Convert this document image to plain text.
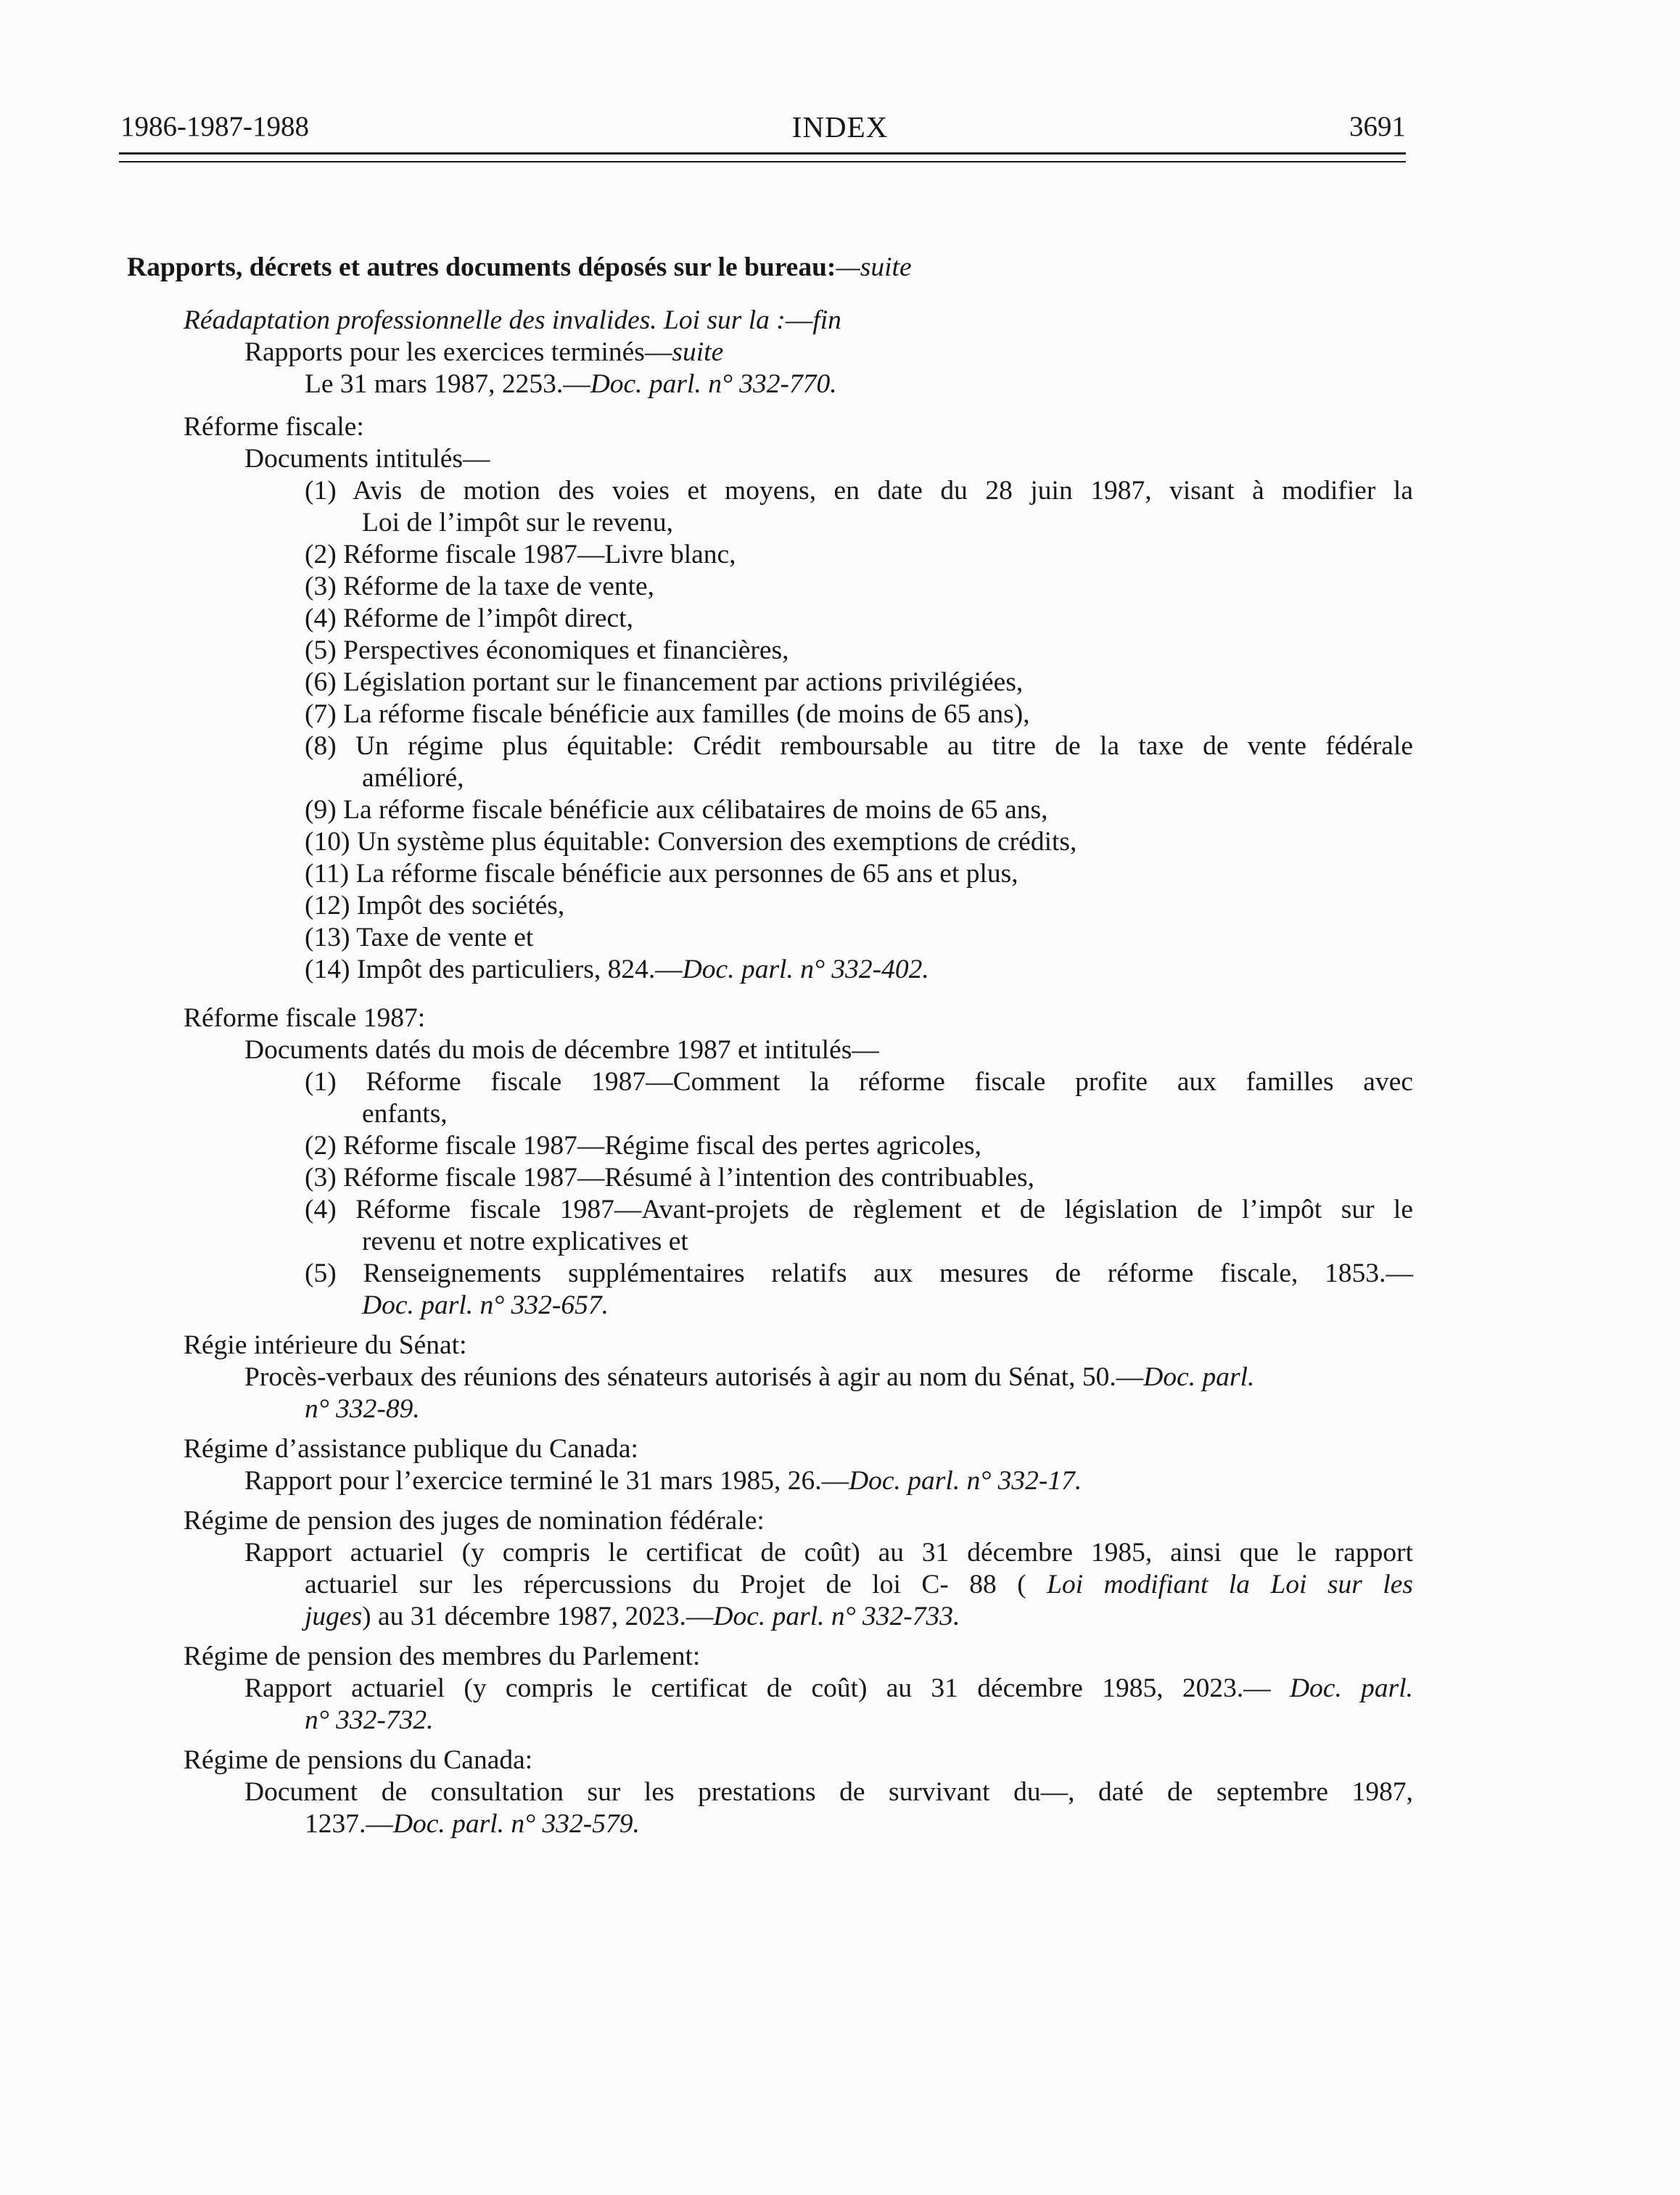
1986-1987-1988	INDEX	3691
Rapports, décrets et autres documents déposés sur le bureau:—suite
Réadaptation professionnelle des invalides. Loi sur la :—fin
Rapports pour les exercices terminés—suite
Le 31 mars 1987, 2253.—Doc. parl. n° 332-770.
Réforme fiscale:
Documents intitulés—
(1) Avis de motion des voies et moyens, en date du 28 juin 1987, visant à modifier la
Loi de l’impôt sur le revenu,
(2) Réforme fiscale 1987—Livre blanc,
(3) Réforme de la taxe de vente,
(4) Réforme de l’impôt direct,
(5) Perspectives économiques et financières,
(6) Législation portant sur le financement par actions privilégiées,
(7) La réforme fiscale bénéficie aux familles (de moins de 65 ans),
(8) Un régime plus équitable: Crédit remboursable au titre de la taxe de vente fédérale
amélioré,
(9) La réforme fiscale bénéficie aux célibataires de moins de 65 ans,
(10) Un système plus équitable: Conversion des exemptions de crédits,
(11) La réforme fiscale bénéficie aux personnes de 65 ans et plus,
(12) Impôt des sociétés,
(13) Taxe de vente et
(14) Impôt des particuliers, 824.—Doc. parl. n° 332-402.
Réforme fiscale 1987:
Documents datés du mois de décembre 1987 et intitulés—
(1) Réforme fiscale 1987—Comment la réforme fiscale profite aux familles avec
enfants,
(2) Réforme fiscale 1987—Régime fiscal des pertes agricoles,
(3) Réforme fiscale 1987—Résumé à l’intention des contribuables,
(4) Réforme fiscale 1987—Avant-projets de règlement et de législation de l’impôt sur le
revenu et notre explicatives et
(5) Renseignements supplémentaires relatifs aux mesures de réforme fiscale, 1853.—
Doc. parl. n° 332-657.
Régie intérieure du Sénat:
Procès-verbaux des réunions des sénateurs autorisés à agir au nom du Sénat, 50.—Doc. parl.
n° 332-89.
Régime d’assistance publique du Canada:
Rapport pour l’exercice terminé le 31 mars 1985, 26.—Doc. parl. n° 332-17.
Régime de pension des juges de nomination fédérale:
Rapport actuariel (y compris le certificat de coût) au 31 décembre 1985, ainsi que le rapport
actuariel sur les répercussions du Projet de loi C- 88 ( Loi modifiant la Loi sur les
juges) au 31 décembre 1987, 2023.—Doc. parl. n° 332-733.
Régime de pension des membres du Parlement:
Rapport actuariel (y compris le certificat de coût) au 31 décembre 1985, 2023.— Doc. parl.
n° 332-732.
Régime de pensions du Canada:
Document de consultation sur les prestations de survivant du—, daté de septembre 1987,
1237.—Doc. parl. n° 332-579.
